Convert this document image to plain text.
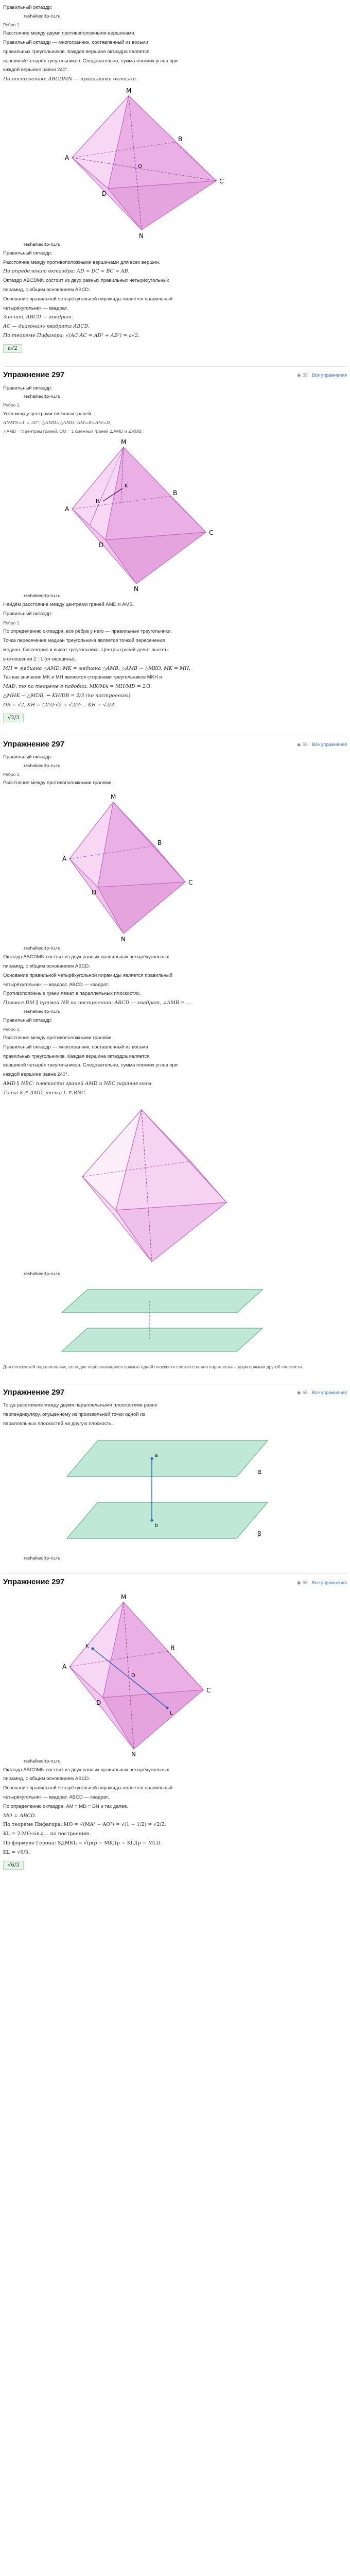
Правильный октаэдр:
reshalkeditp-ru.ru
Ребро 1.
Расстояние между двумя противоположными вершинами.
Правильный октаэдр — многогранник, составленный из восьми
правильных треугольников. Каждая вершина октаэдра является
вершиной четырёх треугольников. Следовательно, сумма плоских углов при
каждой вершине равна 240°.
По построению: ABCDMN — правильный октаэдр.
M
A
B
C
D
N
O
reshalkeditp-ru.ru
Правильный октаэдр:
Расстояние между противоположными вершинами для всех вершин.
По определению октаэдра: AD = DC = BC = AB.
Октаэдр ABCDMN состоит из двух равных правильных четырёхугольных
пирамид, с общим основанием ABCD.
Основание правильной четырёхугольной пирамиды является правильный
четырёхугольник — квадрат.
Значит, ABCD — квадрат.
AC — диагональ квадрата ABCD.
По теореме Пифагора: √(AC·AC = AD² + AB²) = a√2.
a√2
Упражнение 297	◉ 55 Все упражнения
Правильный октаэдр:
reshalkeditp-ru.ru
Ребро 1.
Угол между центрами смежных граней.
ANMN=1 = 30°, △AMB=△AMD: AM=B=AM=D,
△AMB = □ центрам граней. OM = 1 смежных граней ∠AMD и ∠AMB.
M
A
B
C
D
N
K
H
reshalkeditp-ru.ru
Найдём расстояние между центрами граней AMD и AMB.
Правильный октаэдр:
Ребро 1.
По определению октаэдра, все рёбра у него — правильные треугольники.
Точка пересечения медиан треугольника является точкой пересечения
медиан, биссектрис и высот треугольника. Центры граней делят высоты
в отношении 2 : 1 (от вершины).
MH = медиана △AMD; MK = медиана △AMB; △AMB ∼ △MKO, MK = MH.
Так как значения MK и MH являются сторонами треугольников MKH и
MAD, то по теореме о подобии: MK/MA = MH/MD = 2/3.
△MHK ∼ △MDB, ⇒ KH/DB = 2/3 (по построению).
DB = √2, KH = (2/3)·√2 = √2/3·… KH = √2/3.
√2/3
Упражнение 297	◉ 55 Все упражнения
Правильный октаэдр:
reshalkeditp-ru.ru
Ребро 1.
Расстояние между противоположными гранями.
M
A
B
C
D
N
reshalkeditp-ru.ru
Октаэдр ABCDMN состоит из двух равных правильных четырёхугольных
пирамид, с общим основанием ABCD.
Основание правильной четырёхугольной пирамиды является правильный
четырёхугольник — квадрат, ABCD — квадрат.
Противоположные грани лежат в параллельных плоскостях.
Прямая DM ∥ прямой NB по построению: ABCD — квадрат, ∠AMB = …
reshalkeditp-ru.ru
Правильный октаэдр:
Ребро 1.
Расстояние между противоположными гранями.
Правильный октаэдр — многогранник, составленный из восьми
правильных треугольников. Каждая вершина октаэдра является
вершиной четырёх треугольников. Следовательно, сумма плоских углов при
каждой вершине равна 240°.
AMD ∥ NBC: плоскости граней AMD и NBC параллельны.
Точка K ∈ AMD, точка L ∈ BNC.
reshalkeditp-ru.ru
Для плоскостей параллельных, если две пересекающиеся прямые одной плоскости соответственно параллельны двум прямым другой плоскости.
Упражнение 297	◉ 55 Все упражнения
Тогда расстояние между двумя параллельными плоскостями равно
перпендикуляру, опущенному из произвольной точки одной из
параллельных плоскостей на другую плоскость.
a
b
α
β
reshalkeditp-ru.ru
Упражнение 297	◉ 55 Все упражнения
M
A
B
C
D
N
K
L
O
reshalkeditp-ru.ru
Октаэдр ABCDMN состоит из двух равных правильных четырёхугольных
пирамид, с общим основанием ABCD.
Основание правильной четырёхугольной пирамиды является правильный
четырёхугольник — квадрат, ABCD — квадрат.
По определению октаэдра, AM = MD = DN и так далее.
MO ⊥ ABCD.
По теореме Пифагора: MO = √(MA² − AO²) = √(1 − 1/2) = √2/2.
KL = 2·MO·sin∠… по построению.
По формуле Герона: S△MKL = √(p(p − MK)(p − KL)(p − ML)).
KL = √6/3.
√6/3
